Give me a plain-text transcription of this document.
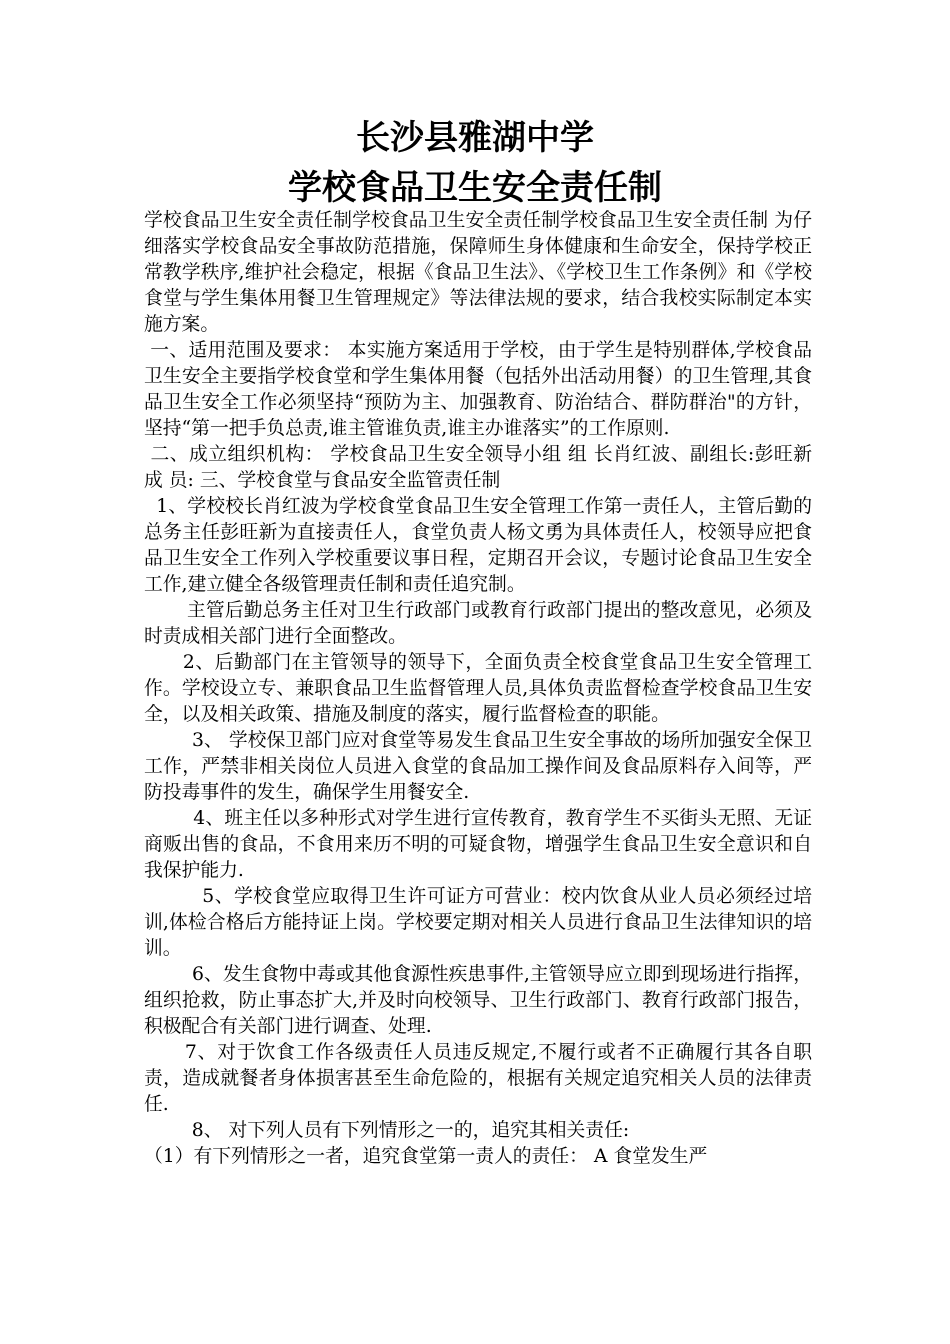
长沙县雅湖中学
学校食品卫生安全责任制

学校食品卫生安全责任制学校食品卫生安全责任制学校食品卫生安全责任制 为仔细落实学校食品安全事故防范措施，保障师生身体健康和生命安全，保持学校正常教学秩序,维护社会稳定，根据《食品卫生法》、《学校卫生工作条例》和《学校食堂与学生集体用餐卫生管理规定》等法律法规的要求，结合我校实际制定本实施方案。

一、适用范围及要求： 本实施方案适用于学校，由于学生是特别群体,学校食品卫生安全主要指学校食堂和学生集体用餐（包括外出活动用餐）的卫生管理,其食品卫生安全工作必须坚持“预防为主、加强教育、防治结合、群防群治"的方针，坚持“第一把手负总责,谁主管谁负责,谁主办谁落实”的工作原则.

二、成立组织机构： 学校食品卫生安全领导小组 组 长肖红波、副组长:彭旺新  成 员: 三、学校食堂与食品安全监管责任制

1、学校校长肖红波为学校食堂食品卫生安全管理工作第一责任人，主管后勤的总务主任彭旺新为直接责任人，食堂负责人杨文勇为具体责任人，校领导应把食品卫生安全工作列入学校重要议事日程，定期召开会议，专题讨论食品卫生安全工作,建立健全各级管理责任制和责任追究制。

主管后勤总务主任对卫生行政部门或教育行政部门提出的整改意见，必须及时责成相关部门进行全面整改。

2、后勤部门在主管领导的领导下，全面负责全校食堂食品卫生安全管理工作。学校设立专、兼职食品卫生监督管理人员,具体负责监督检查学校食品卫生安全，以及相关政策、措施及制度的落实，履行监督检查的职能。

3、 学校保卫部门应对食堂等易发生食品卫生安全事故的场所加强安全保卫工作，严禁非相关岗位人员进入食堂的食品加工操作间及食品原料存入间等，严防投毒事件的发生，确保学生用餐安全.

4、班主任以多种形式对学生进行宣传教育，教育学生不买街头无照、无证商贩出售的食品，不食用来历不明的可疑食物，增强学生食品卫生安全意识和自我保护能力.

5、学校食堂应取得卫生许可证方可营业：校内饮食从业人员必须经过培训,体检合格后方能持证上岗。学校要定期对相关人员进行食品卫生法律知识的培训。

6、发生食物中毒或其他食源性疾患事件,主管领导应立即到现场进行指挥，组织抢救，防止事态扩大,并及时向校领导、卫生行政部门、教育行政部门报告，积极配合有关部门进行调查、处理.

7、对于饮食工作各级责任人员违反规定,不履行或者不正确履行其各自职责，造成就餐者身体损害甚至生命危险的，根据有关规定追究相关人员的法律责任.

8、 对下列人员有下列情形之一的，追究其相关责任:

（1）有下列情形之一者，追究食堂第一责人的责任： A 食堂发生严
